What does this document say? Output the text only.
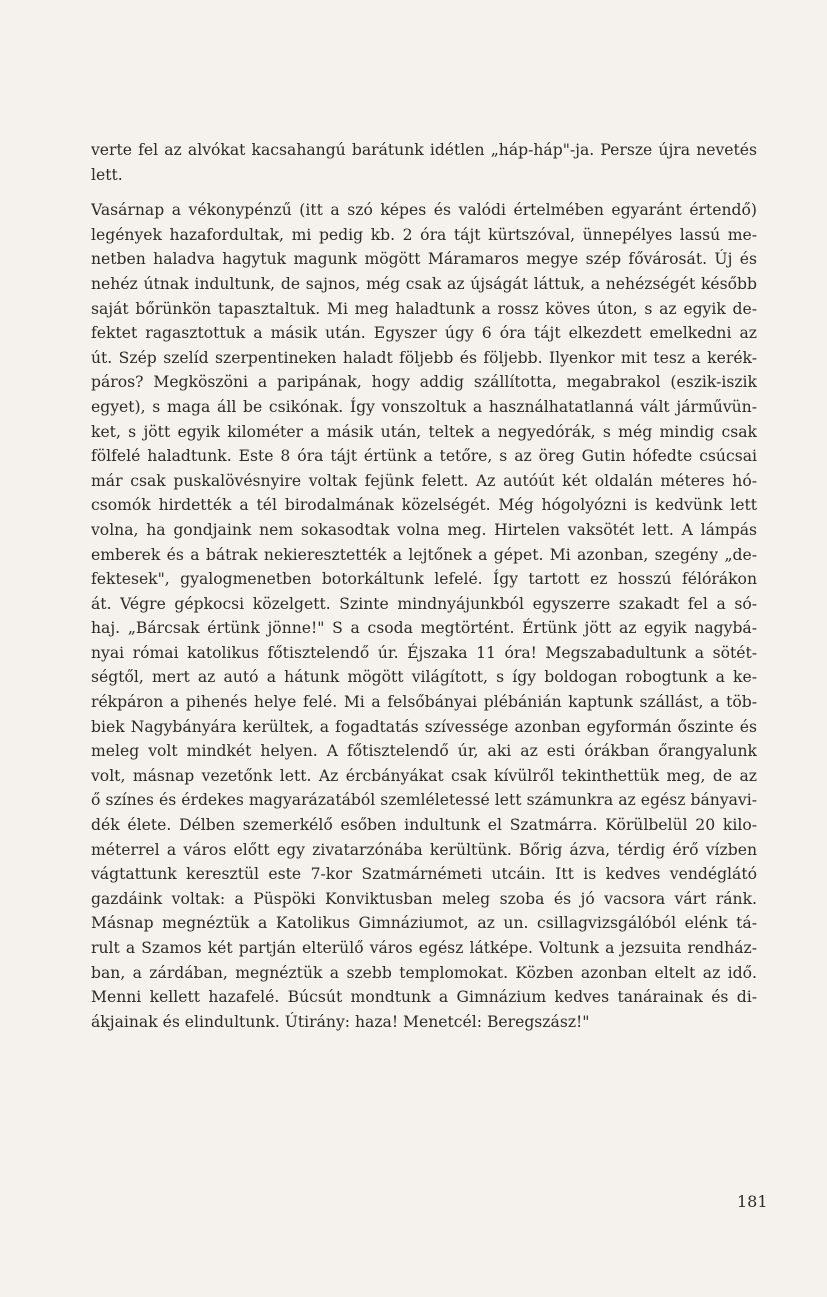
verte fel az alvókat kacsahangú barátunk idétlen „háp-háp"-ja. Persze újra nevetés
lett.
Vasárnap a vékonypénzű (itt a szó képes és valódi értelmében egyaránt értendő)
legények hazafordultak, mi pedig kb. 2 óra tájt kürtszóval, ünnepélyes lassú me-
netben haladva hagytuk magunk mögött Máramaros megye szép fővárosát. Új és
nehéz útnak indultunk, de sajnos, még csak az újságát láttuk, a nehézségét később
saját bőrünkön tapasztaltuk. Mi meg haladtunk a rossz köves úton, s az egyik de-
fektet ragasztottuk a másik után. Egyszer úgy 6 óra tájt elkezdett emelkedni az
út. Szép szelíd szerpentineken haladt följebb és följebb. Ilyenkor mit tesz a kerék-
páros? Megköszöni a paripának, hogy addig szállította, megabrakol (eszik-iszik
egyet), s maga áll be csikónak. Így vonszoltuk a használhatatlanná vált járművün-
ket, s jött egyik kilométer a másik után, teltek a negyedórák, s még mindig csak
fölfelé haladtunk. Este 8 óra tájt értünk a tetőre, s az öreg Gutin hófedte csúcsai
már csak puskalövésnyire voltak fejünk felett. Az autóút két oldalán méteres hó-
csomók hirdették a tél birodalmának közelségét. Még hógolyózni is kedvünk lett
volna, ha gondjaink nem sokasodtak volna meg. Hirtelen vaksötét lett. A lámpás
emberek és a bátrak nekieresztették a lejtőnek a gépet. Mi azonban, szegény „de-
fektesek", gyalogmenetben botorkáltunk lefelé. Így tartott ez hosszú félórákon
át. Végre gépkocsi közelgett. Szinte mindnyájunkból egyszerre szakadt fel a só-
haj. „Bárcsak értünk jönne!" S a csoda megtörtént. Értünk jött az egyik nagybá-
nyai római katolikus főtisztelendő úr. Éjszaka 11 óra! Megszabadultunk a sötét-
ségtől, mert az autó a hátunk mögött világított, s így boldogan robogtunk a ke-
rékpáron a pihenés helye felé. Mi a felsőbányai plébánián kaptunk szállást, a töb-
biek Nagybányára kerültek, a fogadtatás szívessége azonban egyformán őszinte és
meleg volt mindkét helyen. A főtisztelendő úr, aki az esti órákban őrangyalunk
volt, másnap vezetőnk lett. Az ércbányákat csak kívülről tekinthettük meg, de az
ő színes és érdekes magyarázatából szemléletessé lett számunkra az egész bányavi-
dék élete. Délben szemerkélő esőben indultunk el Szatmárra. Körülbelül 20 kilo-
méterrel a város előtt egy zivatarzónába kerültünk. Bőrig ázva, térdig érő vízben
vágtattunk keresztül este 7-kor Szatmárnémeti utcáin. Itt is kedves vendéglátó
gazdáink voltak: a Püspöki Konviktusban meleg szoba és jó vacsora várt ránk.
Másnap megnéztük a Katolikus Gimnáziumot, az un. csillagvizsgálóból elénk tá-
rult a Szamos két partján elterülő város egész látképe. Voltunk a jezsuita rendház-
ban, a zárdában, megnéztük a szebb templomokat. Közben azonban eltelt az idő.
Menni kellett hazafelé. Búcsút mondtunk a Gimnázium kedves tanárainak és di-
ákjainak és elindultunk. Útirány: haza! Menetcél: Beregszász!"
181
